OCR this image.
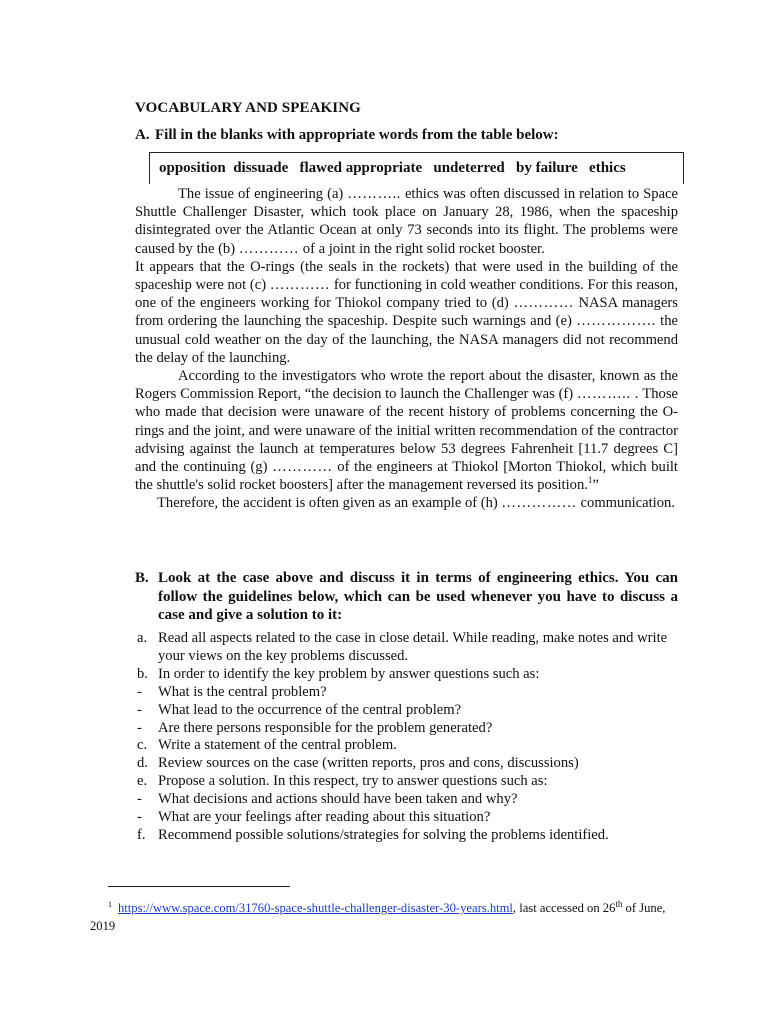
VOCABULARY AND SPEAKING
A. Fill in the blanks with appropriate words from the table below:
opposition  dissuade   flawed appropriate   undeterred   by failure   ethics

The issue of engineering (a) ……….. ethics was often discussed in relation to Space Shuttle Challenger Disaster, which took place on January 28, 1986, when the spaceship disintegrated over the Atlantic Ocean at only 73 seconds into its flight. The problems were caused by the (b) ………… of a joint in the right solid rocket booster.

It appears that the O-rings (the seals in the rockets) that were used in the building of the spaceship were not (c) ………… for functioning in cold weather conditions. For this reason, one of the engineers working for Thiokol company tried to (d) ………… NASA managers from ordering the launching the spaceship. Despite such warnings and (e) ……………. the unusual cold weather on the day of the launching, the NASA managers did not recommend the delay of the launching.

According to the investigators who wrote the report about the disaster, known as the Rogers Commission Report, “the decision to launch the Challenger was (f) ……….. . Those who made that decision were unaware of the recent history of problems concerning the O-rings and the joint, and were unaware of the initial written recommendation of the contractor advising against the launch at temperatures below 53 degrees Fahrenheit [11.7 degrees C] and the continuing (g) ………… of the engineers at Thiokol [Morton Thiokol, which built the shuttle's solid rocket boosters] after the management reversed its position.$^1$”

Therefore, the accident is often given as an example of (h) …………… communication.

B. Look at the case above and discuss it in terms of engineering ethics. You can follow the guidelines below, which can be used whenever you have to discuss a case and give a solution to it:
a. Read all aspects related to the case in close detail. While reading, make notes and write your views on the key problems discussed.
b. In order to identify the key problem by answer questions such as:
- What is the central problem?
- What lead to the occurrence of the central problem?
- Are there persons responsible for the problem generated?
c. Write a statement of the central problem.
d. Review sources on the case (written reports, pros and cons, discussions)
e. Propose a solution. In this respect, try to answer questions such as:
- What decisions and actions should have been taken and why?
- What are your feelings after reading about this situation?
f. Recommend possible solutions/strategies for solving the problems identified.
$^1$ https://www.space.com/31760-space-shuttle-challenger-disaster-30-years.html, last accessed on 26th of June, 2019
